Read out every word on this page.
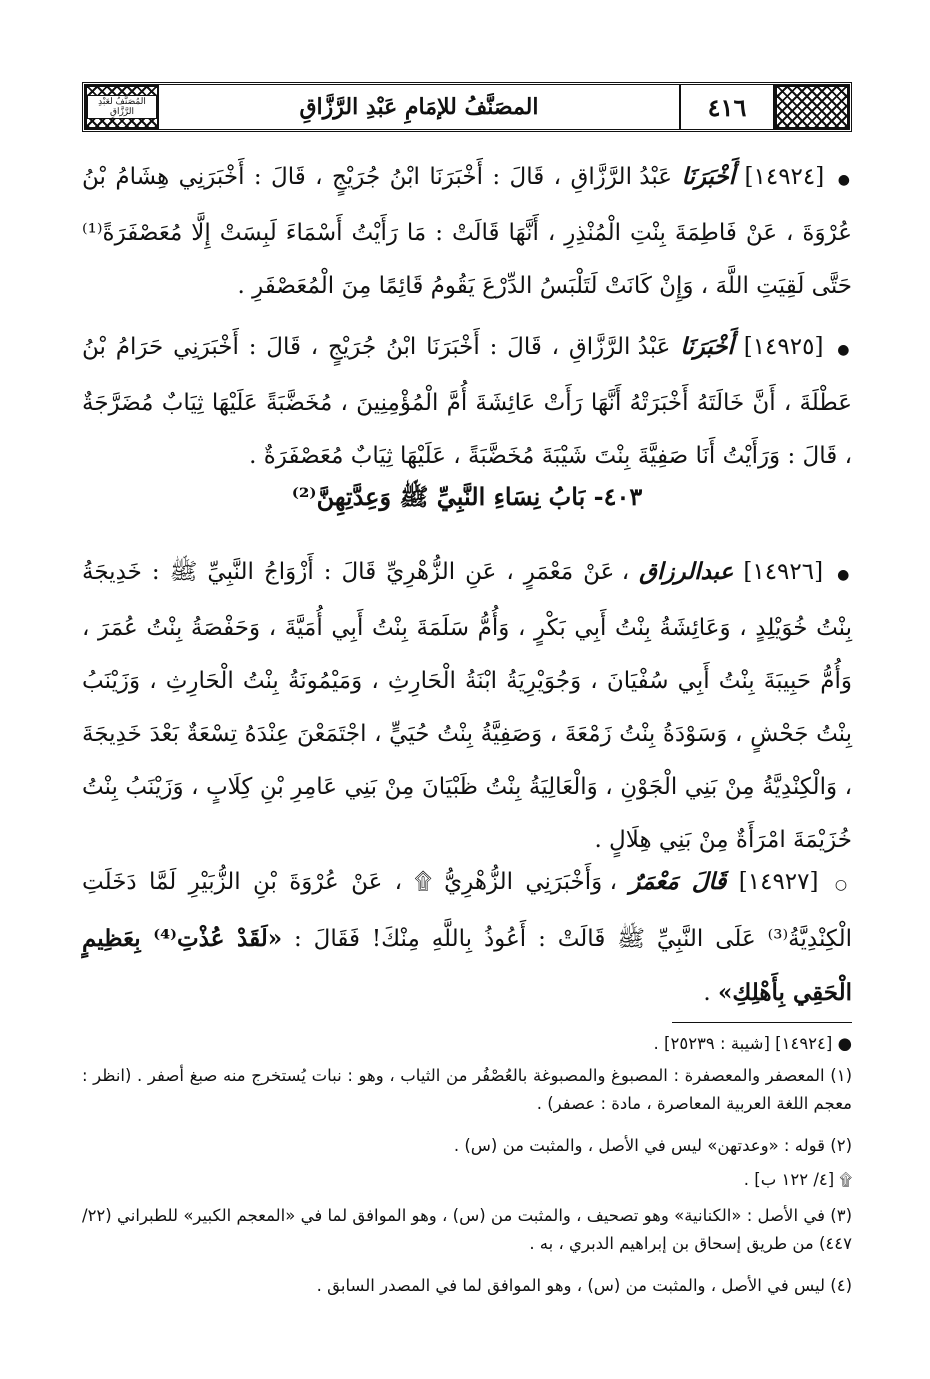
المُصَنَّفُ لعَبْدِ الرَّزَّاقِ	المصَنَّفُ للإمَامِ عَبْدِ الرَّزَّاقِ	٤١٦
● [١٤٩٢٤] أَخْبَرَنَا عَبْدُ الرَّزَّاقِ ، قَالَ : أَخْبَرَنَا ابْنُ جُرَيْجٍ ، قَالَ : أَخْبَرَنِي هِشَامُ بْنُ عُرْوَةَ ، عَنْ فَاطِمَةَ بِنْتِ الْمُنْذِرِ ، أَنَّهَا قَالَتْ : مَا رَأَيْتُ أَسْمَاءَ لَبِسَتْ إِلَّا مُعَصْفَرَةً⁽¹⁾ حَتَّى لَقِيَتِ اللَّهَ ، وَإِنْ كَانَتْ لَتَلْبَسُ الدِّرْعَ يَقُومُ قَائِمًا مِنَ الْمُعَصْفَرِ .
● [١٤٩٢٥] أَخْبَرَنَا عَبْدُ الرَّزَّاقِ ، قَالَ : أَخْبَرَنَا ابْنُ جُرَيْجٍ ، قَالَ : أَخْبَرَنِي حَرَامُ بْنُ عَطْلَةَ ، أَنَّ خَالَتَهُ أَخْبَرَتْهُ أَنَّهَا رَأَتْ عَائِشَةَ أُمَّ الْمُؤْمِنِينَ ، مُخَضَّبَةً عَلَيْهَا ثِيَابٌ مُضَرَّجَةٌ ، قَالَ : وَرَأَيْتُ أَنَا صَفِيَّةَ بِنْتَ شَيْبَةَ مُخَضَّبَةً ، عَلَيْهَا ثِيَابٌ مُعَصْفَرَةٌ .
٤٠٣- بَابُ نِسَاءِ النَّبِيِّ ﷺ وَعِدَّتِهِنَّ⁽²⁾
● [١٤٩٢٦] عبدالرزاق ، عَنْ مَعْمَرٍ ، عَنِ الزُّهْرِيِّ قَالَ : أَزْوَاجُ النَّبِيِّ ﷺ : خَدِيجَةُ بِنْتُ خُوَيْلِدٍ ، وَعَائِشَةُ بِنْتُ أَبِي بَكْرٍ ، وَأُمُّ سَلَمَةَ بِنْتُ أَبِي أُمَيَّةَ ، وَحَفْصَةُ بِنْتُ عُمَرَ ، وَأُمُّ حَبِيبَةَ بِنْتُ أَبِي سُفْيَانَ ، وَجُوَيْرِيَةُ ابْنَةُ الْحَارِثِ ، وَمَيْمُونَةُ بِنْتُ الْحَارِثِ ، وَزَيْنَبُ بِنْتُ جَحْشٍ ، وَسَوْدَةُ بِنْتُ زَمْعَةَ ، وَصَفِيَّةُ بِنْتُ حُيَيٍّ ، اجْتَمَعْنَ عِنْدَهُ تِسْعَةٌ بَعْدَ خَدِيجَةَ ، وَالْكِنْدِيَّةُ مِنْ بَنِي الْجَوْنِ ، وَالْعَالِيَةُ بِنْتُ ظَبْيَانَ مِنْ بَنِي عَامِرِ بْنِ كِلَابٍ ، وَزَيْنَبُ بِنْتُ خُزَيْمَةَ امْرَأَةٌ مِنْ بَنِي هِلَالٍ .
○ [١٤٩٢٧] قَالَ مَعْمَرٌ ، وَأَخْبَرَنِي الزُّهْرِيُّ ۩ ، عَنْ عُرْوَةَ بْنِ الزُّبَيْرِ لَمَّا دَخَلَتِ الْكِنْدِيَّةُ⁽³⁾ عَلَى النَّبِيِّ ﷺ قَالَتْ : أَعُوذُ بِاللَّهِ مِنْكَ! فَقَالَ : «لَقَدْ عُذْتِ⁽⁴⁾ بِعَظِيمٍ الْحَقِي بِأَهْلِكِ» .
● [١٤٩٢٤] [شيبة : ٢٥٢٣٩] .
(١) المعصفر والمعصفرة : المصبوغ والمصبوغة بالعُصْفُر من الثياب ، وهو : نبات يُستخرج منه صبغ أصفر . (انظر : معجم اللغة العربية المعاصرة ، مادة : عصفر) .
(٢) قوله : «وعدتهن» ليس في الأصل ، والمثبت من (س) .
۩ [٤/ ١٢٢ ب] .
(٣) في الأصل : «الكنانية» وهو تصحيف ، والمثبت من (س) ، وهو الموافق لما في «المعجم الكبير» للطبراني (٢٢/ ٤٤٧) من طريق إسحاق بن إبراهيم الدبري ، به .
(٤) ليس في الأصل ، والمثبت من (س) ، وهو الموافق لما في المصدر السابق .
